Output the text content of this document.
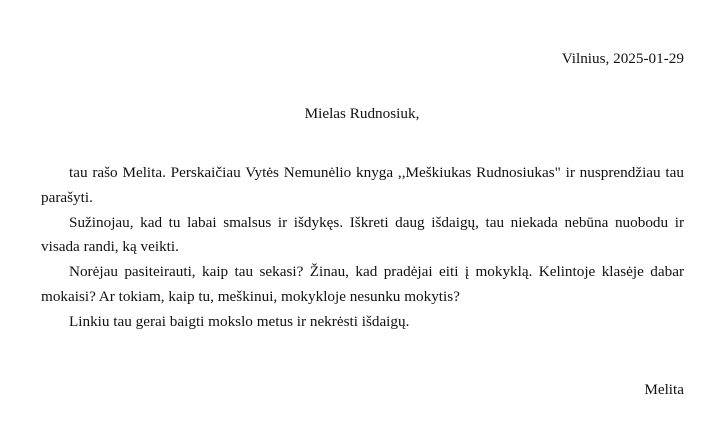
Vilnius, 2025-01-29
Mielas Rudnosiuk,

tau rašo Melita. Perskaičiau Vytės Nemunėlio knyga ,,Meškiukas Rudnosiukas" ir nusprendžiau tau parašyti.

Sužinojau, kad tu labai smalsus ir išdykęs. Iškreti daug išdaigų, tau niekada nebūna nuobodu ir visada randi, ką veikti.

Norėjau pasiteirauti, kaip tau sekasi? Žinau, kad pradėjai eiti į mokyklą. Kelintoje klasėje dabar mokaisi? Ar tokiam, kaip tu, meškinui, mokykloje nesunku mokytis?

Linkiu tau gerai baigti mokslo metus ir nekrėsti išdaigų.

Melita
